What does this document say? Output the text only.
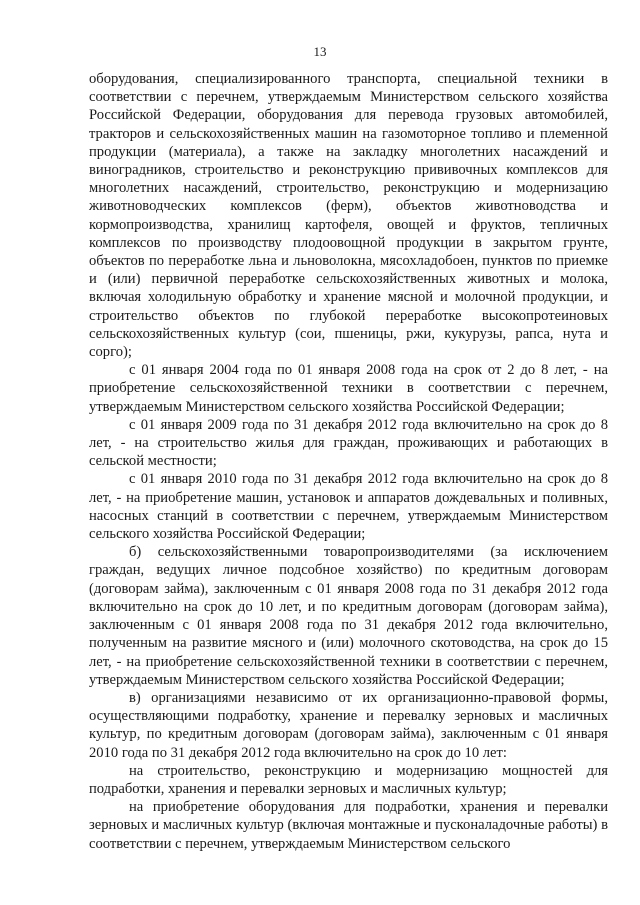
13

оборудования, специализированного транспорта, специальной техники в соответствии с перечнем, утверждаемым Министерством сельского хозяйства Российской Федерации, оборудования для перевода грузовых автомобилей, тракторов и сельскохозяйственных машин на газомоторное топливо и племенной продукции (материала), а также на закладку многолетних насаждений и виноградников, строительство и реконструкцию прививочных комплексов для многолетних насаждений, строительство, реконструкцию и модернизацию животноводческих комплексов (ферм), объектов животноводства и кормопроизводства, хранилищ картофеля, овощей и фруктов, тепличных комплексов по производству плодоовощной продукции в закрытом грунте, объектов по переработке льна и льноволокна, мясохладобоен, пунктов по приемке и (или) первичной переработке сельскохозяйственных животных и молока, включая холодильную обработку и хранение мясной и молочной продукции, и строительство объектов по глубокой переработке высокопротеиновых сельскохозяйственных культур (сои, пшеницы, ржи, кукурузы, рапса, нута и сорго);

с 01 января 2004 года по 01 января 2008 года на срок от 2 до 8 лет, - на приобретение сельскохозяйственной техники в соответствии с перечнем, утверждаемым Министерством сельского хозяйства Российской Федерации;

с 01 января 2009 года по 31 декабря 2012 года включительно на срок до 8 лет, - на строительство жилья для граждан, проживающих и работающих в сельской местности;

с 01 января 2010 года по 31 декабря 2012 года включительно на срок до 8 лет, - на приобретение машин, установок и аппаратов дождевальных и поливных, насосных станций в соответствии с перечнем, утверждаемым Министерством сельского хозяйства Российской Федерации;

б) сельскохозяйственными товаропроизводителями (за исключением граждан, ведущих личное подсобное хозяйство) по кредитным договорам (договорам займа), заключенным с 01 января 2008 года по 31 декабря 2012 года включительно на срок до 10 лет, и по кредитным договорам (договорам займа), заключенным с 01 января 2008 года по 31 декабря 2012 года включительно, полученным на развитие мясного и (или) молочного скотоводства, на срок до 15 лет, - на приобретение сельскохозяйственной техники в соответствии с перечнем, утверждаемым Министерством сельского хозяйства Российской Федерации;

в) организациями независимо от их организационно-правовой формы, осуществляющими подработку, хранение и перевалку зерновых и масличных культур, по кредитным договорам (договорам займа), заключенным с 01 января 2010 года по 31 декабря 2012 года включительно на срок до 10 лет:

на строительство, реконструкцию и модернизацию мощностей для подработки, хранения и перевалки зерновых и масличных культур;

на приобретение оборудования для подработки, хранения и перевалки зерновых и масличных культур (включая монтажные и пусконаладочные работы) в соответствии с перечнем, утверждаемым Министерством сельского
